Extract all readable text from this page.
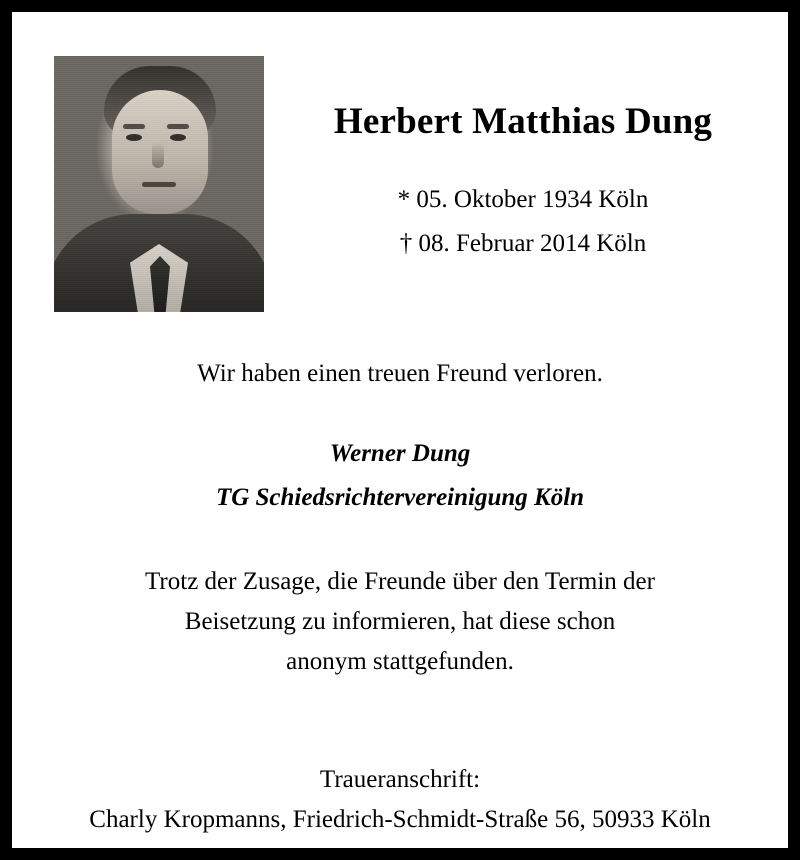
Herbert Matthias Dung
* 05. Oktober 1934 Köln
† 08. Februar 2014 Köln
Wir haben einen treuen Freund verloren.
Werner Dung
TG Schiedsrichtervereinigung Köln
Trotz der Zusage, die Freunde über den Termin der
Beisetzung zu informieren, hat diese schon
anonym stattgefunden.
Traueranschrift:
Charly Kropmanns, Friedrich-Schmidt-Straße 56, 50933 Köln
